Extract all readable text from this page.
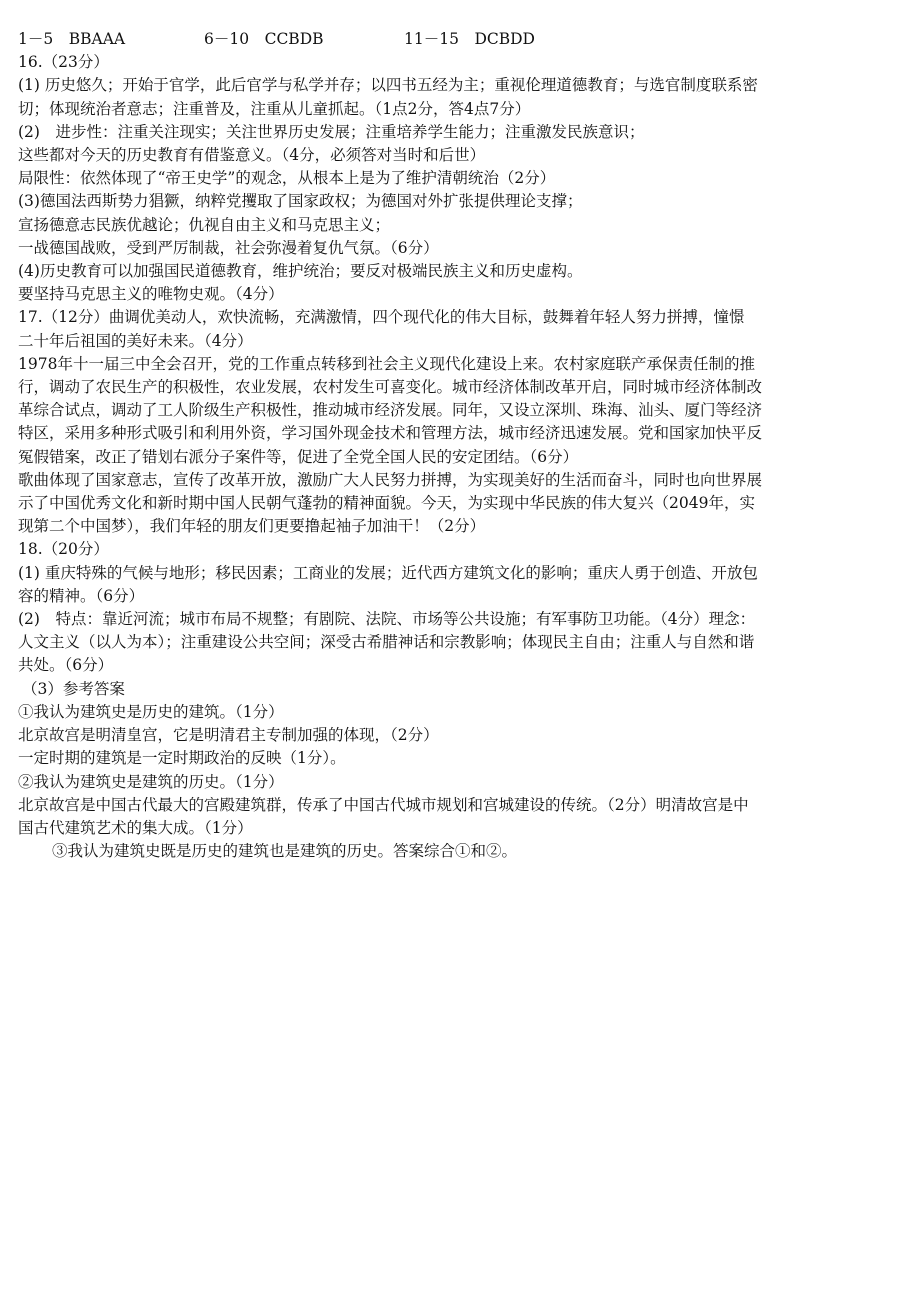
1－5　BBAAA	6－10　CCBDB	11－15　DCBDD
16.（23分）
(1) 历史悠久；开始于官学，此后官学与私学并存；以四书五经为主；重视伦理道德教育；与选官制度联系密
切；体现统治者意志；注重普及，注重从儿童抓起。（1点2分，答4点7分）
(2)　进步性：注重关注现实；关注世界历史发展；注重培养学生能力；注重激发民族意识；
这些都对今天的历史教育有借鉴意义。（4分，必须答对当时和后世）
局限性：依然体现了“帝王史学”的观念，从根本上是为了维护清朝统治（2分）
(3)德国法西斯势力猖獗，纳粹党攫取了国家政权；为德国对外扩张提供理论支撑；
宣扬德意志民族优越论；仇视自由主义和马克思主义；
一战德国战败，受到严厉制裁，社会弥漫着复仇气氛。（6分）
(4)历史教育可以加强国民道德教育，维护统治；要反对极端民族主义和历史虚构。
要坚持马克思主义的唯物史观。（4分）
17.（12分）曲调优美动人，欢快流畅，充满激情，四个现代化的伟大目标，鼓舞着年轻人努力拼搏，憧憬
二十年后祖国的美好未来。（4分）
1978年十一届三中全会召开，党的工作重点转移到社会主义现代化建设上来。农村家庭联产承保责任制的推
行，调动了农民生产的积极性，农业发展，农村发生可喜变化。城市经济体制改革开启，同时城市经济体制改
革综合试点，调动了工人阶级生产积极性，推动城市经济发展。同年，又设立深圳、珠海、汕头、厦门等经济
特区，采用多种形式吸引和利用外资，学习国外现金技术和管理方法，城市经济迅速发展。党和国家加快平反
冤假错案，改正了错划右派分子案件等，促进了全党全国人民的安定团结。（6分）
歌曲体现了国家意志，宣传了改革开放，激励广大人民努力拼搏，为实现美好的生活而奋斗，同时也向世界展
示了中国优秀文化和新时期中国人民朝气蓬勃的精神面貌。今天，为实现中华民族的伟大复兴（2049年，实
现第二个中国梦），我们年轻的朋友们更要撸起袖子加油干！（2分）
18.（20分）
(1) 重庆特殊的气候与地形；移民因素；工商业的发展；近代西方建筑文化的影响；重庆人勇于创造、开放包
容的精神。（6分）
(2)　特点：靠近河流；城市布局不规整；有剧院、法院、市场等公共设施；有军事防卫功能。（4分）理念：
人文主义（以人为本）；注重建设公共空间；深受古希腊神话和宗教影响；体现民主自由；注重人与自然和谐
共处。（6分）
（3）参考答案
①我认为建筑史是历史的建筑。（1分）
北京故宫是明清皇宫，它是明清君主专制加强的体现，（2分）
一定时期的建筑是一定时期政治的反映（1分）。
②我认为建筑史是建筑的历史。（1分）
北京故宫是中国古代最大的宫殿建筑群，传承了中国古代城市规划和宫城建设的传统。（2分）明清故宫是中
国古代建筑艺术的集大成。（1分）
③我认为建筑史既是历史的建筑也是建筑的历史。答案综合①和②。
